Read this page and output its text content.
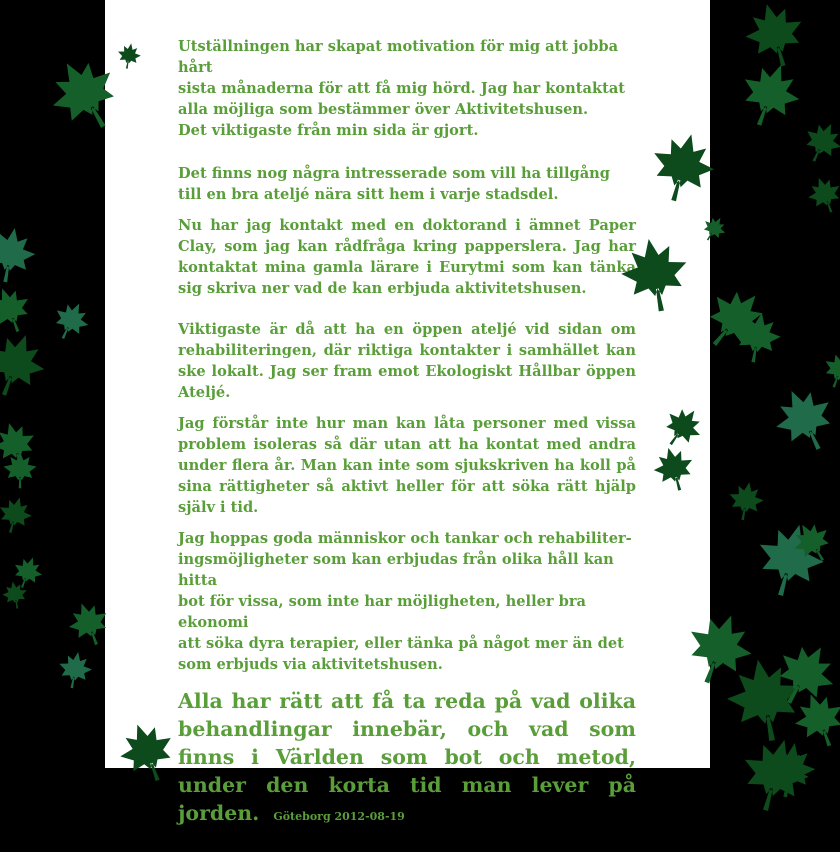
Utställningen har skapat motivation för mig att jobba hårt
sista månaderna för att få mig hörd. Jag har kontaktat
alla möjliga som bestämmer över Aktivitetshusen.
Det viktigaste från min sida är gjort.

Det finns nog några intresserade som vill ha tillgång till en bra ateljé nära sitt hem i varje stadsdel.

Nu har jag kontakt med en doktorand i ämnet Paper Clay, som jag kan rådfråga kring papperslera. Jag har kontaktat mina gamla lärare i Eurytmi som kan tänka sig skriva ner vad de kan erbjuda aktivitetshusen.

Viktigaste är då att ha en öppen ateljé vid sidan om rehabiliteringen, där riktiga kontakter i samhället kan ske lokalt. Jag ser fram emot Ekologiskt Hållbar öppen Ateljé.

Jag förstår inte hur man kan låta personer med vissa problem isoleras så där utan att ha kontat med andra under flera år. Man kan inte som sjukskriven ha koll på sina rättigheter så aktivt heller för att söka rätt hjälp själv i tid.

Jag hoppas goda människor och tankar och rehabiliter-
ingsmöjligheter som kan erbjudas från olika håll kan hitta
bot för vissa, som inte har möjligheten, heller bra ekonomi
att söka dyra terapier, eller tänka på något mer än det
som erbjuds via aktivitetshusen.

Alla har rätt att få ta reda på vad olika behandlingar innebär, och vad som finns i Världen som bot och metod, under den korta tid man lever på jorden. Göteborg 2012-08-19
